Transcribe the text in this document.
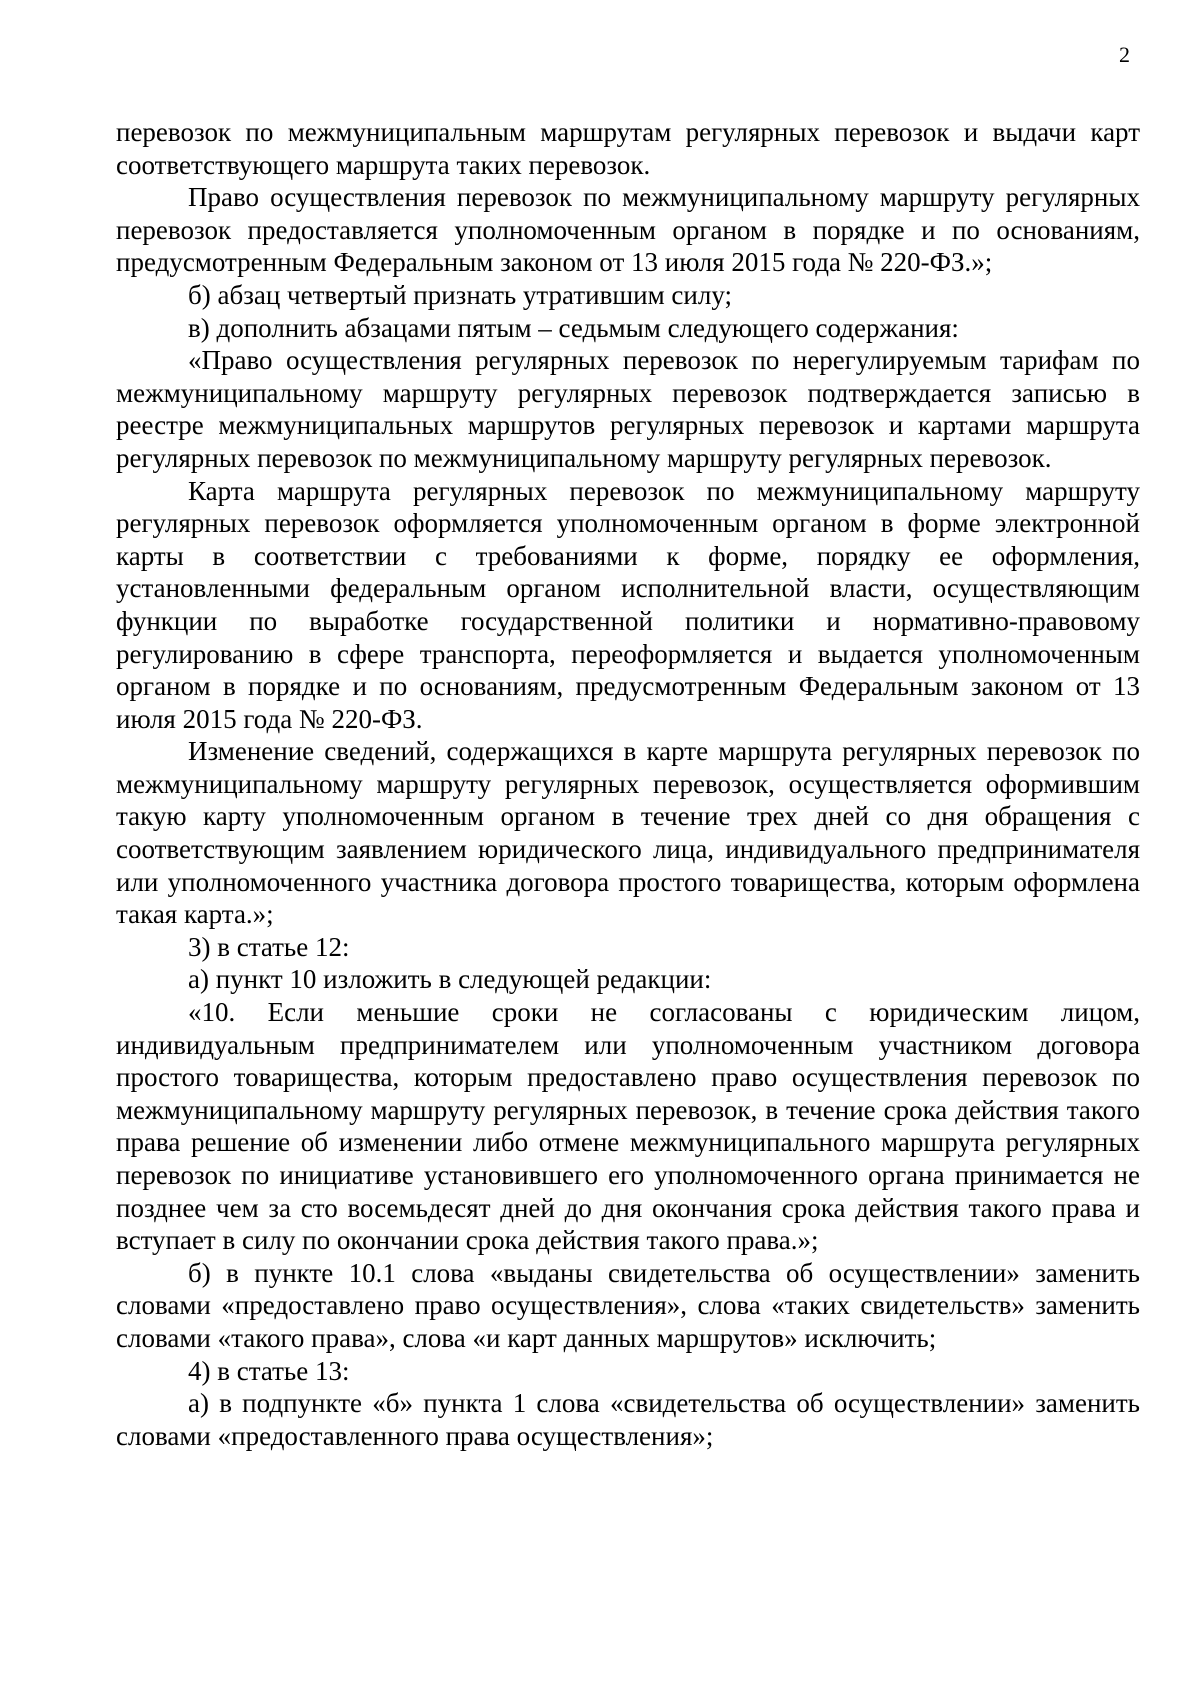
2

перевозок по межмуниципальным маршрутам регулярных перевозок и выдачи карт соответствующего маршрута таких перевозок.

Право осуществления перевозок по межмуниципальному маршруту регулярных перевозок предоставляется уполномоченным органом в порядке и по основаниям, предусмотренным Федеральным законом от 13 июля 2015 года № 220-ФЗ.»;

б) абзац четвертый признать утратившим силу;

в) дополнить абзацами пятым – седьмым следующего содержания:

«Право осуществления регулярных перевозок по нерегулируемым тарифам по межмуниципальному маршруту регулярных перевозок подтверждается записью в реестре межмуниципальных маршрутов регулярных перевозок и картами маршрута регулярных перевозок по межмуниципальному маршруту регулярных перевозок.

Карта маршрута регулярных перевозок по межмуниципальному маршруту регулярных перевозок оформляется уполномоченным органом в форме электронной карты в соответствии с требованиями к форме, порядку ее оформления, установленными федеральным органом исполнительной власти, осуществляющим функции по выработке государственной политики и нормативно-правовому регулированию в сфере транспорта, переоформляется и выдается уполномоченным органом в порядке и по основаниям, предусмотренным Федеральным законом от 13 июля 2015 года № 220-ФЗ.

Изменение сведений, содержащихся в карте маршрута регулярных перевозок по межмуниципальному маршруту регулярных перевозок, осуществляется оформившим такую карту уполномоченным органом в течение трех дней со дня обращения с соответствующим заявлением юридического лица, индивидуального предпринимателя или уполномоченного участника договора простого товарищества, которым оформлена такая карта.»;

3) в статье 12:

а) пункт 10 изложить в следующей редакции:

«10. Если меньшие сроки не согласованы с юридическим лицом, индивидуальным предпринимателем или уполномоченным участником договора простого товарищества, которым предоставлено право осуществления перевозок по межмуниципальному маршруту регулярных перевозок, в течение срока действия такого права решение об изменении либо отмене межмуниципального маршрута регулярных перевозок по инициативе установившего его уполномоченного органа принимается не позднее чем за сто восемьдесят дней до дня окончания срока действия такого права и вступает в силу по окончании срока действия такого права.»;

б) в пункте 10.1 слова «выданы свидетельства об осуществлении» заменить словами «предоставлено право осуществления», слова «таких свидетельств» заменить словами «такого права», слова «и карт данных маршрутов» исключить;

4) в статье 13:

а) в подпункте «б» пункта 1 слова «свидетельства об осуществлении» заменить словами «предоставленного права осуществления»;
